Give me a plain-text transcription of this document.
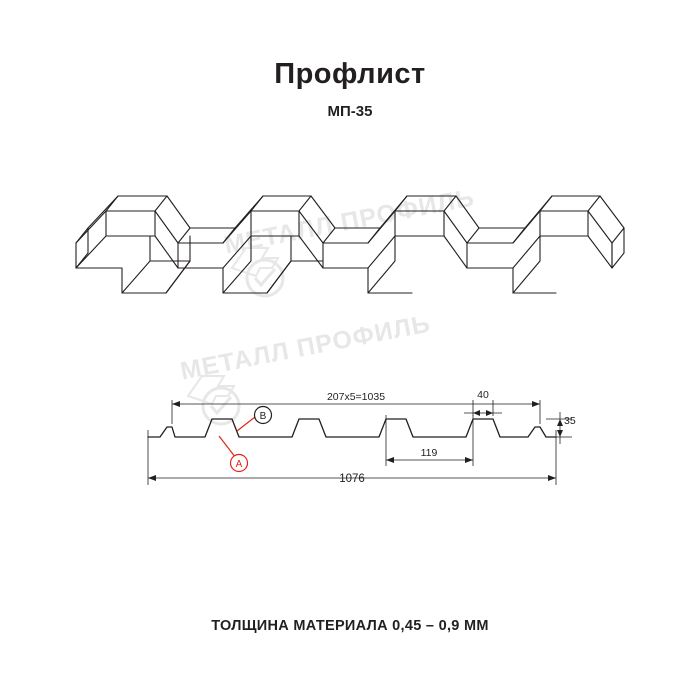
Профлист
МП-35
МЕТАЛЛ ПРОФИЛЬ
МЕТАЛЛ ПРОФИЛЬ
207х5=1035
119
40
35
1076
A
B
ТОЛЩИНА МАТЕРИАЛА 0,45 – 0,9 ММ
